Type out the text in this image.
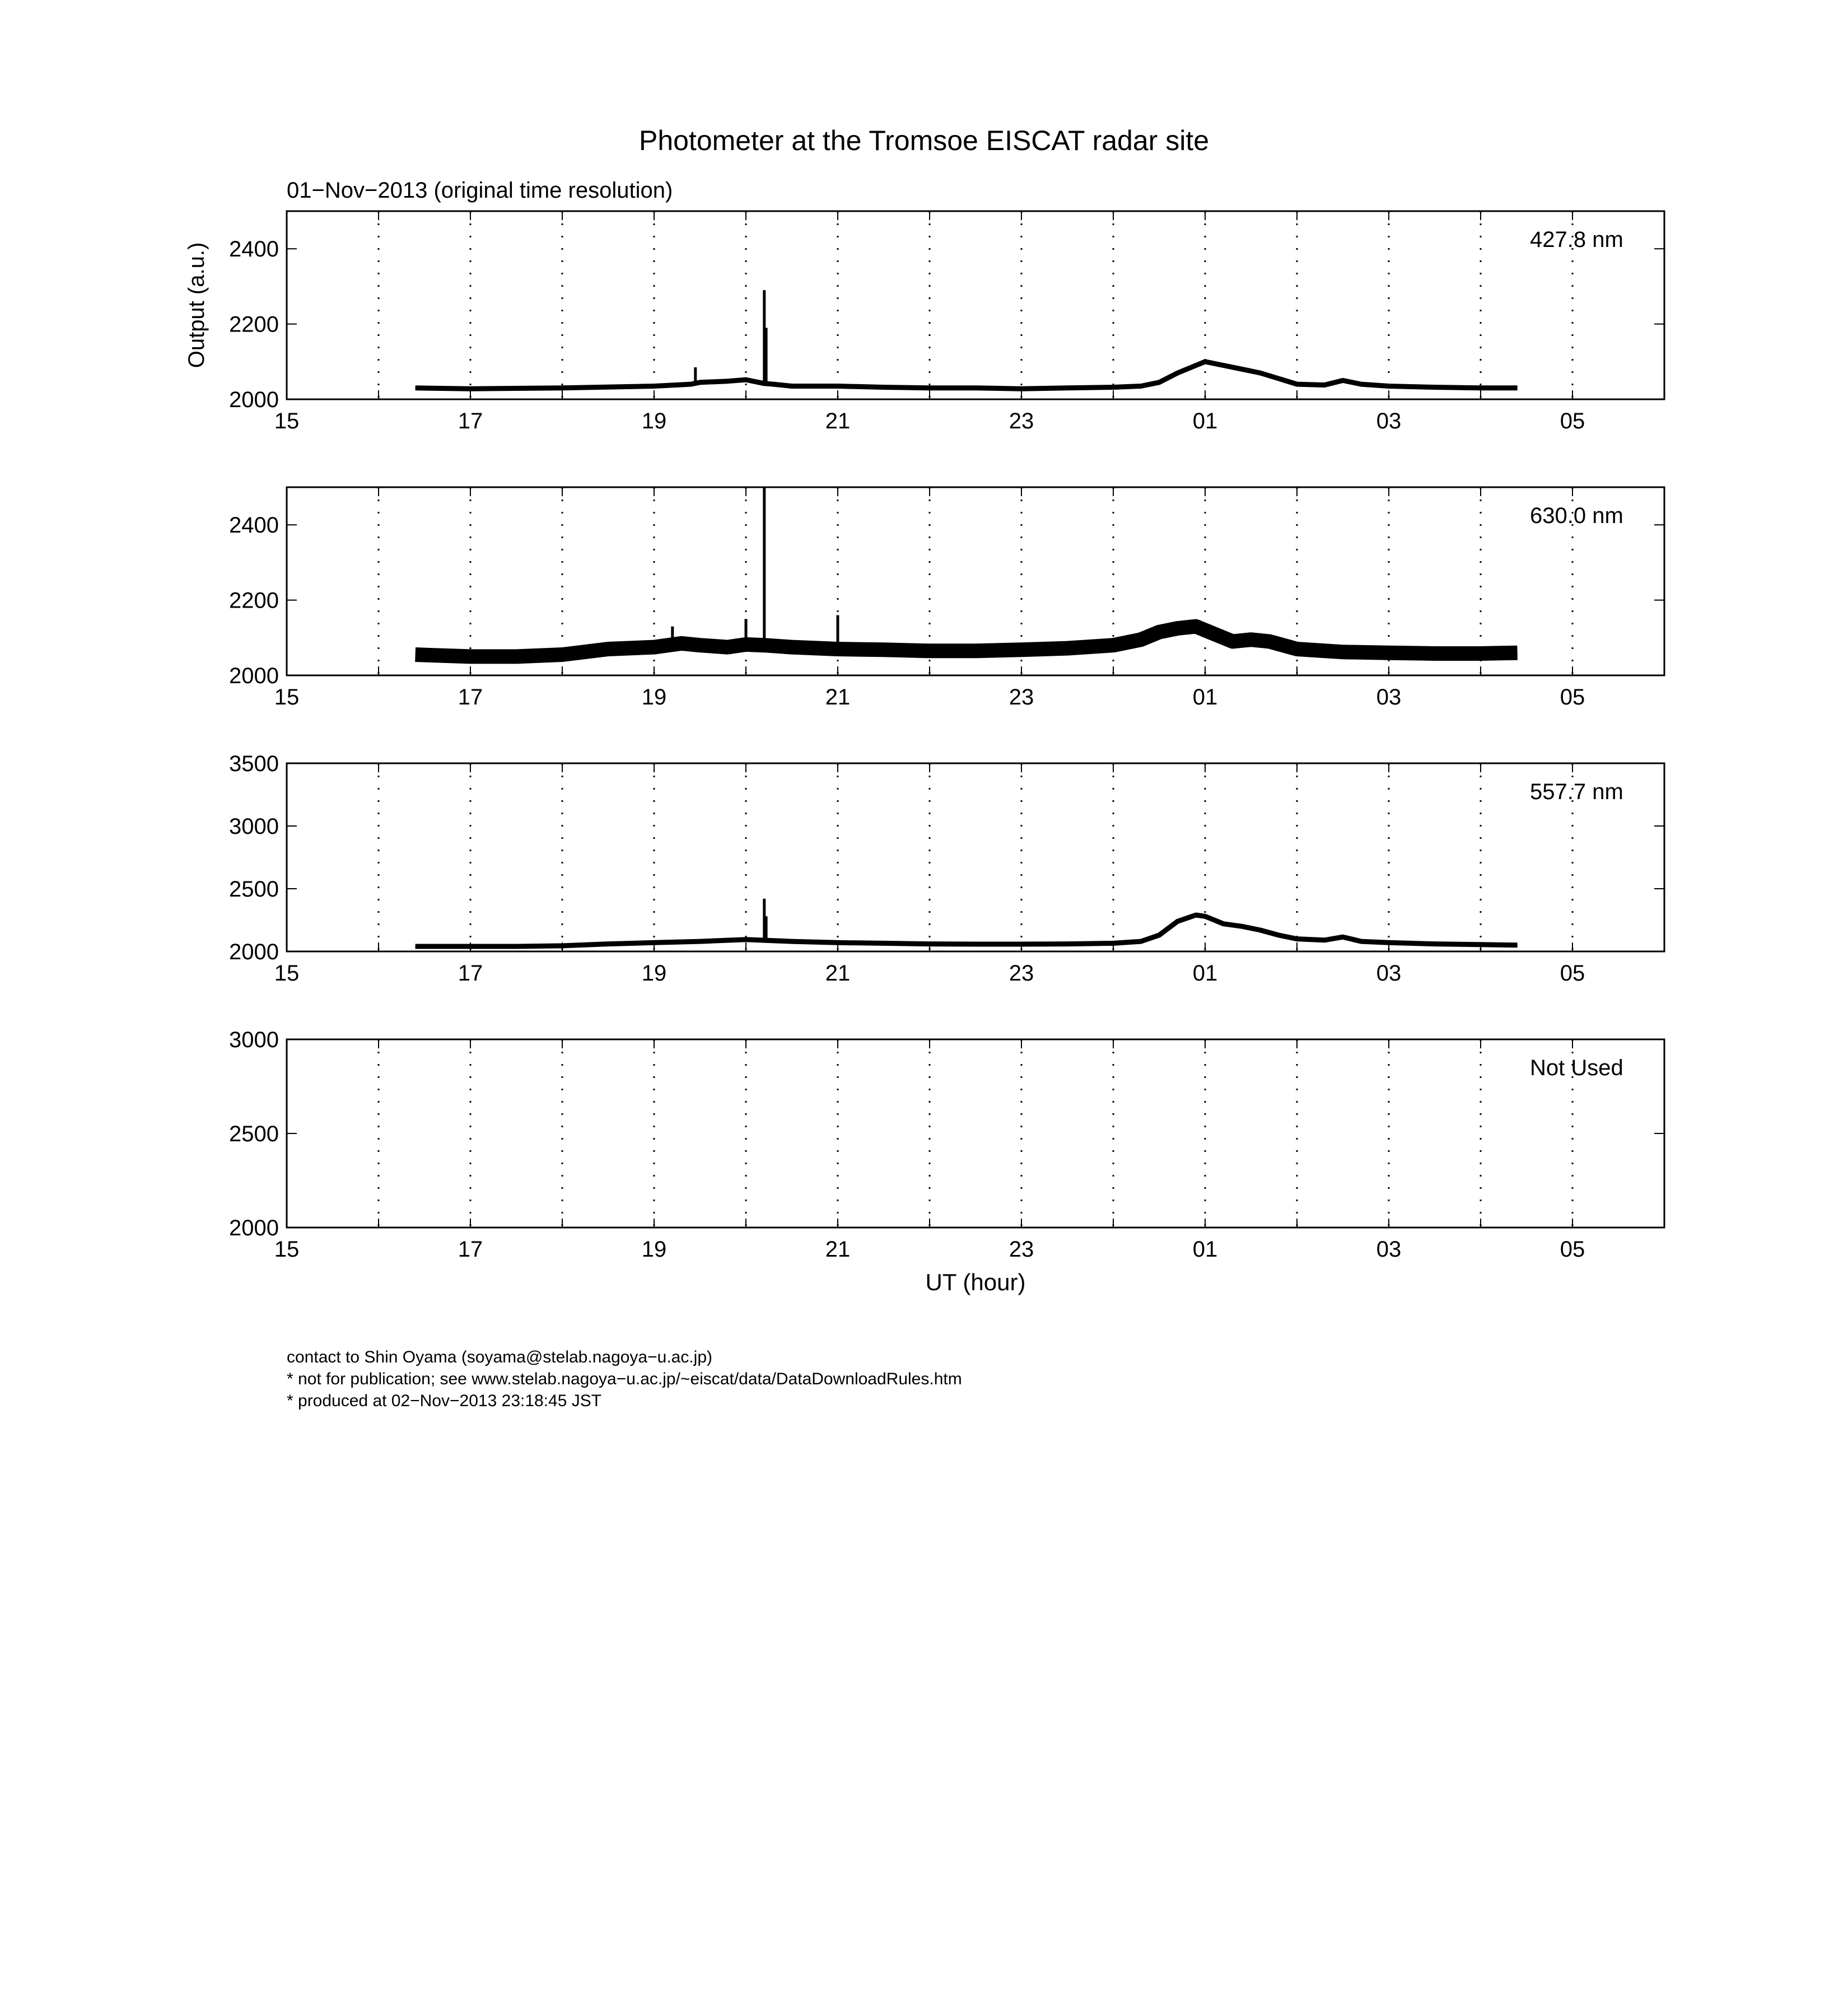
Photometer at the Tromsoe EISCAT radar site
01−Nov−2013 (original time resolution)
15	17	19	21	23	01	03	05
2000
2200
2400	427.8 nm
Output (a.u.)
15	17	19	21	23	01	03	05
2000
2200
2400	630.0 nm
15	17	19	21	23	01	03	05
2000
2500
3000
3500
557.7 nm
15	17	19	21	23	01	03	05
2000
2500
3000
Not Used
UT (hour)
contact to Shin Oyama (soyama@stelab.nagoya−u.ac.jp)
* not for publication; see www.stelab.nagoya−u.ac.jp/~eiscat/data/DataDownloadRules.htm
* produced at 02−Nov−2013 23:18:45 JST
